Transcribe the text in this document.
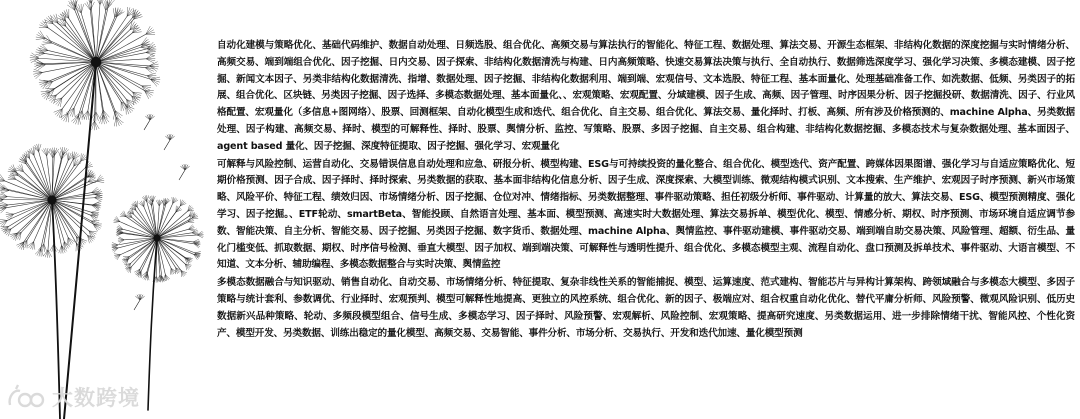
自动化建模与策略优化、基础代码维护、数据自动处理、日频选股、组合优化、高频交易与算法执行的智能化、特征工程、数据处理、算法交易、开源生态框架、非结构化数据的深度挖掘与实时情绪分析、高频交易、端到端组合优化、因子挖掘、日内交易、因子探索、非结构化数据清洗与构建、日内高频策略、快速交易算法决策与执行、全自动执行、数据筛选深度学习、强化学习决策、多模态建模、因子挖掘、新闻文本因子、另类非结构化数据清洗、指增、数据处理、因子挖掘、非结构化数据利用、端到端、宏观信号、文本选股、特征工程、基本面量化、处理基础准备工作、如洗数据、低频、另类因子的拓展、组合优化、区块链、另类因子挖掘、因子选择、多模态数据处理、基本面量化、、宏观策略、宏观配置、分域建模、因子生成、高频、因子管理、时序因果分析、因子挖掘投研、数据清洗、因子、行业风格配置、宏观量化（多信息+图网络）、股票、回测框架、自动化模型生成和迭代、组合优化、自主交易、组合优化、算法交易、量化择时、打板、高频、所有涉及价格预测的、machine Alpha、另类数据处理、因子构建、高频交易、择时、模型的可解释性、择时、股票、舆情分析、监控、写策略、股票、多因子挖掘、自主交易、组合构建、非结构化数据挖掘、多模态技术与复杂数据处理、基本面因子、agent based 量化、因子挖掘、深度特征提取、因子挖掘、强化学习、宏观量化

可解释与风险控制、运营自动化、交易错误信息自动处理和应急、研报分析、模型构建、ESG与可持续投资的量化整合、组合优化、模型迭代、资产配置、跨媒体因果图谱、强化学习与自适应策略优化、短期价格预测、因子合成、因子择时、择时探索、另类数据的获取、基本面非结构化信息分析、因子生成、深度探索、大模型训练、微观结构模式识别、文本搜索、生产维护、宏观因子时序预测、新兴市场策略、风险平价、特征工程、绩效归因、市场情绪分析、因子挖掘、仓位对冲、情绪指标、另类数据整理、事件驱动策略、担任初级分析师、事件驱动、计算量的放大、算法交易、ESG、模型预测精度、强化学习、因子挖掘。、ETF轮动、smartBeta、智能投顾、自然语言处理、基本面、模型预测、高速实时大数据处理、算法交易拆单、模型优化、模型、情感分析、期权、时序预测、市场环境自适应调节参数、智能决策、自主分析、智能交易、因子挖掘、另类因子挖掘、数字货币、数据处理、machine Alpha、舆情监控、事件驱动建模、事件驱动交易、端到端自助交易决策、风险管理、超额、衍生品、量化门槛变低、抓取数据、期权、时序信号检测、垂直大模型、因子加权、端到端决策、可解释性与透明性提升、组合优化、多模态模型主观、流程自动化、盘口预测及拆单技术、事件驱动、大语言模型、不知道、文本分析、辅助编程、多模态数据整合与实时决策、舆情监控

多模态数据融合与知识驱动、销售自动化、自动交易、市场情绪分析、特征提取、复杂非线性关系的智能捕捉、模型、运算速度、范式建构、智能芯片与异构计算架构、跨领域融合与多模态大模型、多因子策略与统计套利、参数调优、行业择时、宏观预判、模型可解释性地提高、更独立的风控系统、组合优化、新的因子、极端应对、组合权重自动化优化、替代平庸分析师、风险预警、微观风险识别、低历史数据新兴品种策略、轮动、多频段模型组合、信号生成、多模态学习、因子择时、风险预警、宏观解析、风险控制、宏观策略、提高研究速度、另类数据运用、进一步排除情绪干扰、智能风控、个性化资产、模型开发、另类数据、训练出稳定的量化模型、高频交易、交易智能、事件分析、市场分析、交易执行、开发和迭代加速、量化模型预测

大数跨境
